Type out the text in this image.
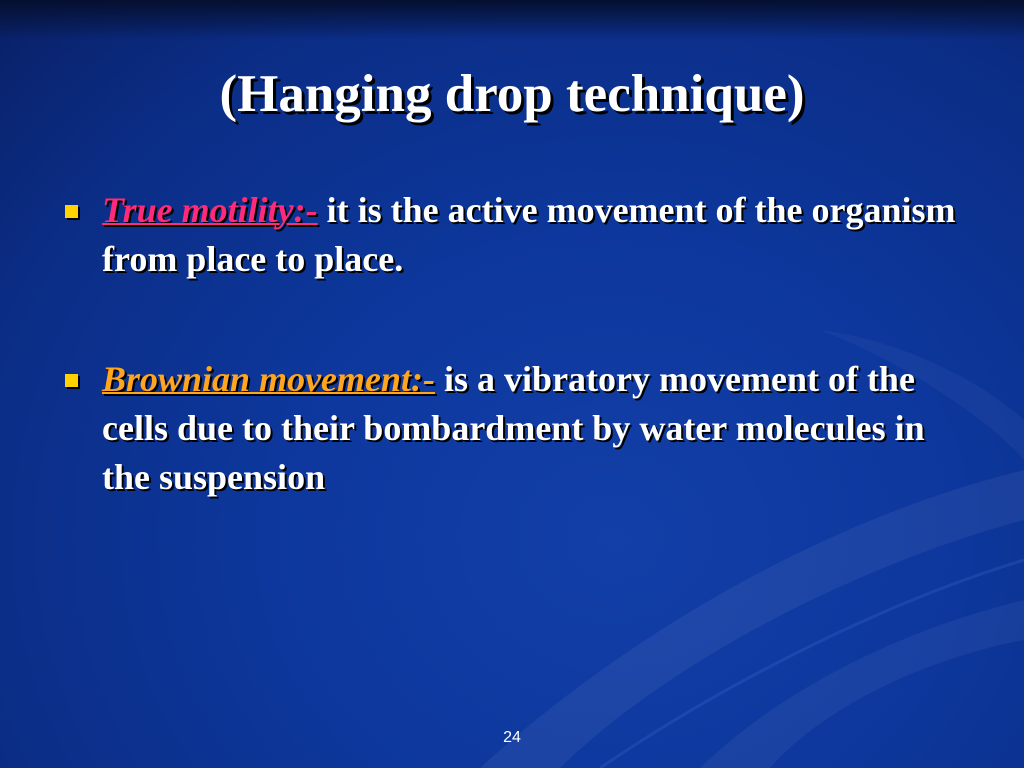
(Hanging drop technique)
True motility:- it is the active movement of the organism from place to place.
Brownian movement:- is a vibratory movement of the cells due to their bombardment by water molecules in the suspension
24
